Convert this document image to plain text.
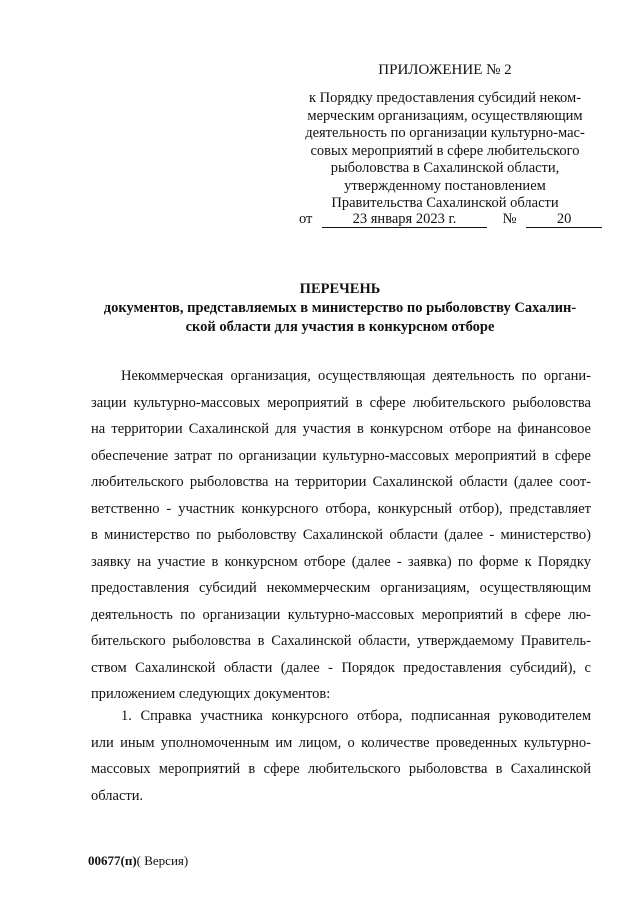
ПРИЛОЖЕНИЕ № 2
к Порядку предоставления субсидий неком-
мерческим организациям, осуществляющим
деятельность по организации культурно-мас-
совых мероприятий в сфере любительского
рыболовства в Сахалинской области,
утвержденному постановлением
Правительства Сахалинской области
от	23 января 2023 г.	№	20
ПЕРЕЧЕНЬ
документов, представляемых в министерство по рыболовству Сахалин-
ской области для участия в конкурсном отборе
Некоммерческая организация, осуществляющая деятельность по органи-
зации культурно-массовых мероприятий в сфере любительского рыболовства
на территории Сахалинской для участия в конкурсном отборе на финансовое
обеспечение затрат по организации культурно-массовых мероприятий в сфере
любительского рыболовства на территории Сахалинской области (далее соот-
ветственно - участник конкурсного отбора, конкурсный отбор), представляет
в министерство по рыболовству Сахалинской области (далее - министерство)
заявку на участие в конкурсном отборе (далее - заявка) по форме к Порядку
предоставления субсидий некоммерческим организациям, осуществляющим
деятельность по организации культурно-массовых мероприятий в сфере лю-
бительского рыболовства в Сахалинской области, утверждаемому Правитель-
ством Сахалинской области (далее - Порядок предоставления субсидий), с
приложением следующих документов:
1. Справка участника конкурсного отбора, подписанная руководителем
или иным уполномоченным им лицом, о количестве проведенных культурно-
массовых мероприятий в сфере любительского рыболовства в Сахалинской
области.
00677(п)( Версия)
